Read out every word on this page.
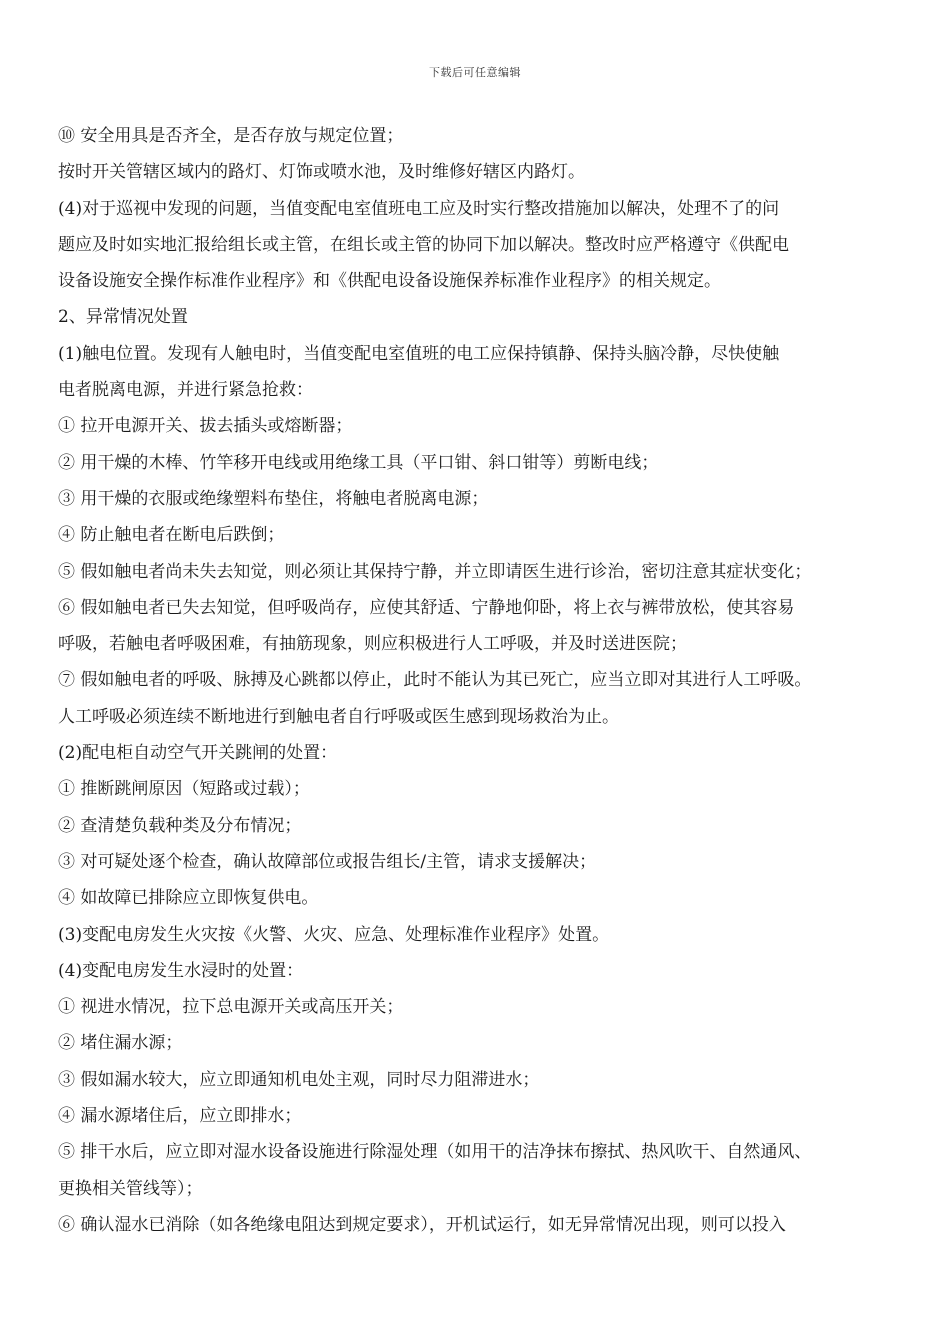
下载后可任意编辑
⑩ 安全用具是否齐全，是否存放与规定位置；
按时开关管辖区域内的路灯、灯饰或喷水池，及时维修好辖区内路灯。
(4)对于巡视中发现的问题，当值变配电室值班电工应及时实行整改措施加以解决，处理不了的问
题应及时如实地汇报给组长或主管，在组长或主管的协同下加以解决。整改时应严格遵守《供配电
设备设施安全操作标准作业程序》和《供配电设备设施保养标准作业程序》的相关规定。
2、异常情况处置
(1)触电位置。发现有人触电时，当值变配电室值班的电工应保持镇静、保持头脑冷静，尽快使触
电者脱离电源，并进行紧急抢救：
① 拉开电源开关、拔去插头或熔断器；
② 用干燥的木棒、竹竿移开电线或用绝缘工具（平口钳、斜口钳等）剪断电线；
③ 用干燥的衣服或绝缘塑料布垫住，将触电者脱离电源；
④ 防止触电者在断电后跌倒；
⑤ 假如触电者尚未失去知觉，则必须让其保持宁静，并立即请医生进行诊治，密切注意其症状变化；
⑥ 假如触电者已失去知觉，但呼吸尚存，应使其舒适、宁静地仰卧，将上衣与裤带放松，使其容易
呼吸，若触电者呼吸困难，有抽筋现象，则应积极进行人工呼吸，并及时送进医院；
⑦ 假如触电者的呼吸、脉搏及心跳都以停止，此时不能认为其已死亡，应当立即对其进行人工呼吸。
人工呼吸必须连续不断地进行到触电者自行呼吸或医生感到现场救治为止。
(2)配电柜自动空气开关跳闸的处置：
① 推断跳闸原因（短路或过载）；
② 查清楚负载种类及分布情况；
③ 对可疑处逐个检查，确认故障部位或报告组长/主管，请求支援解决；
④ 如故障已排除应立即恢复供电。
(3)变配电房发生火灾按《火警、火灾、应急、处理标准作业程序》处置。
(4)变配电房发生水浸时的处置：
① 视进水情况，拉下总电源开关或高压开关；
② 堵住漏水源；
③ 假如漏水较大，应立即通知机电处主观，同时尽力阻滞进水；
④ 漏水源堵住后，应立即排水；
⑤ 排干水后，应立即对湿水设备设施进行除湿处理（如用干的洁净抹布擦拭、热风吹干、自然通风、
更换相关管线等）；
⑥ 确认湿水已消除（如各绝缘电阻达到规定要求），开机试运行，如无异常情况出现，则可以投入
